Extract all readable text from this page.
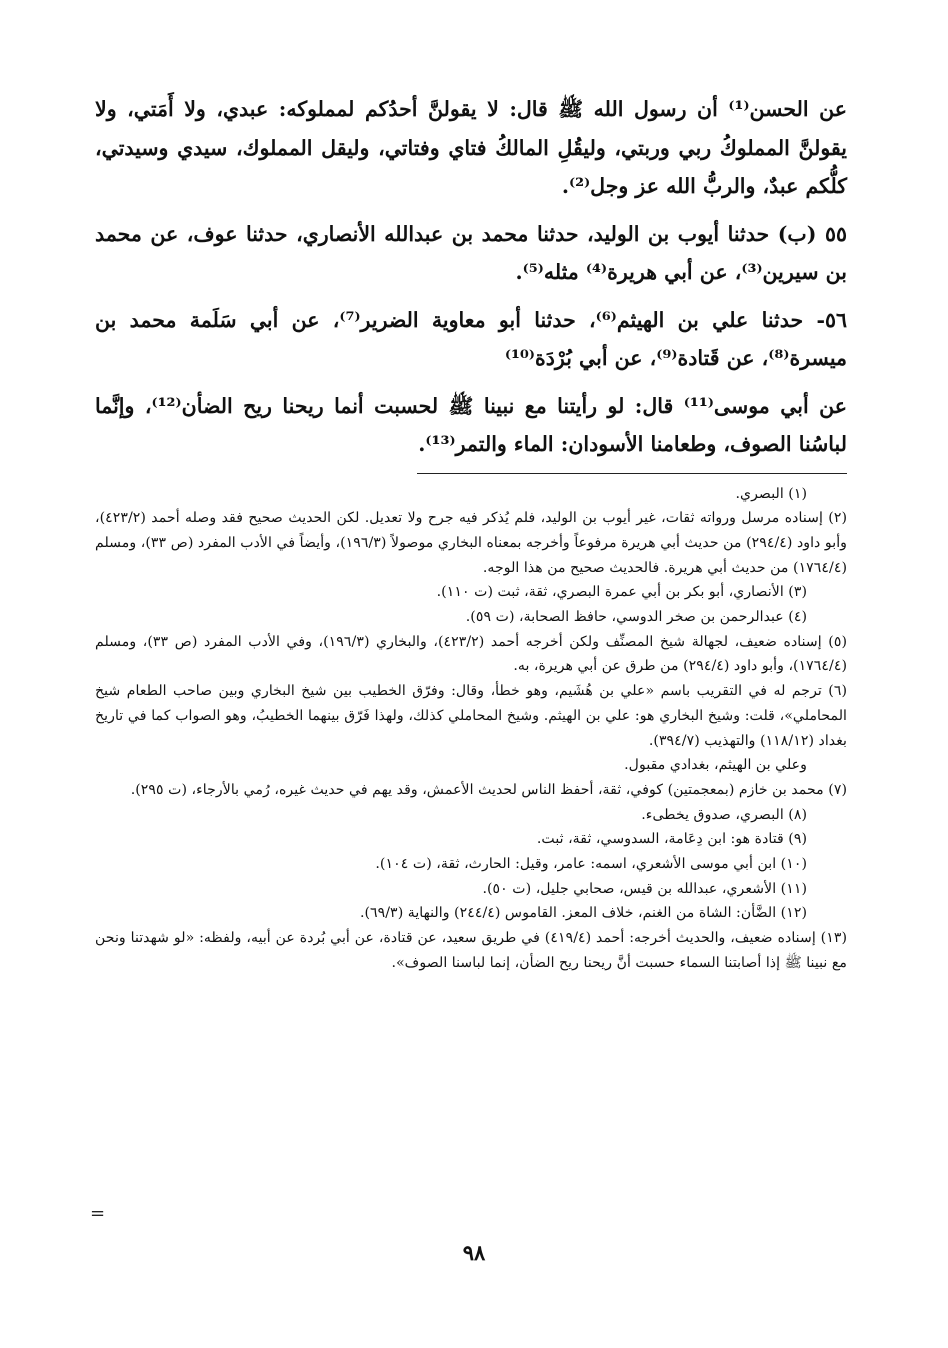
عن الحسن⁽¹⁾ أن رسول الله ﷺ قال: لا يقولنَّ أحدُكم لمملوكه: عبدي، ولا أَمَتي، ولا يقولنَّ المملوكُ ربي وربتي، وليقُلِ المالكُ فتاي وفتاتي، وليقل المملوك، سيدي وسيدتي، كلُّكم عبدٌ، والربُّ الله عز وجل⁽²⁾.

٥٥ (ب) حدثنا أيوب بن الوليد، حدثنا محمد بن عبدالله الأنصاري، حدثنا عوف، عن محمد بن سيرين⁽³⁾، عن أبي هريرة⁽⁴⁾ مثله⁽⁵⁾.

٥٦- حدثنا علي بن الهيثم⁽⁶⁾، حدثنا أبو معاوية الضرير⁽⁷⁾، عن أبي سَلَمة محمد بن ميسرة⁽⁸⁾، عن قَتادة⁽⁹⁾، عن أبي بُرْدَة⁽¹⁰⁾

عن أبي موسى⁽¹¹⁾ قال: لو رأيتنا مع نبينا ﷺ لحسبت أنما ريحنا ريح الضأن⁽¹²⁾، وإنَّما لباسُنا الصوف، وطعامنا الأسودان: الماء والتمر⁽¹³⁾.

(١) البصري.

(٢) إسناده مرسل ورواته ثقات، غير أيوب بن الوليد، فلم يُذكر فيه جرح ولا تعديل. لكن الحديث صحيح فقد وصله أحمد (٤٢٣/٢)، وأبو داود (٢٩٤/٤) من حديث أبي هريرة مرفوعاً وأخرجه بمعناه البخاري موصولاً (١٩٦/٣)، وأيضاً في الأدب المفرد (ص ٣٣)، ومسلم (١٧٦٤/٤) من حديث أبي هريرة. فالحديث صحيح من هذا الوجه.

(٣) الأنصاري، أبو بكر بن أبي عمرة البصري، ثقة، ثبت (ت ١١٠).

(٤) عبدالرحمن بن صخر الدوسي، حافظ الصحابة، (ت ٥٩).

(٥) إسناده ضعيف، لجهالة شيخ المصنِّف ولكن أخرجه أحمد (٤٢٣/٢)، والبخاري (١٩٦/٣)، وفي الأدب المفرد (ص ٣٣)، ومسلم (١٧٦٤/٤)، وأبو داود (٢٩٤/٤) من طرق عن أبي هريرة، به.

(٦) ترجم له في التقريب باسم «علي بن هُشَيم، وهو خطأ، وقال: وفرّق الخطيب بين شيخ البخاري وبين صاحب الطعام شيخ المحاملي»، قلت: وشيخ البخاري هو: علي بن الهيثم. وشيخ المحاملي كذلك، ولهذا فَرّق بينهما الخطيبُ، وهو الصواب كما في تاريخ بغداد (١١٨/١٢) والتهذيب (٣٩٤/٧).

وعلي بن الهيثم، بغدادي مقبول.

(٧) محمد بن خازم (بمعجمتين) كوفي، ثقة، أحفظ الناس لحديث الأعمش، وقد يهم في حديث غيره، رُمي بالأرجاء، (ت ٢٩٥).

(٨) البصري، صدوق يخطىء.

(٩) قتادة هو: ابن دِعَامة، السدوسي، ثقة، ثبت.

(١٠) ابن أبي موسى الأشعري، اسمه: عامر، وقيل: الحارث، ثقة، (ت ١٠٤).

(١١) الأشعري، عبدالله بن قيس، صحابي جليل، (ت ٥٠).

(١٢) الضَّأن: الشاة من الغنم، خلاف المعز. القاموس (٢٤٤/٤) والنهاية (٦٩/٣).

(١٣) إسناده ضعيف، والحديث أخرجه: أحمد (٤١٩/٤) في طريق سعيد، عن قتادة، عن أبي بُردة عن أبيه، ولفظه: «لو شهدتنا ونحن مع نبينا ﷺ إذا أصابتنا السماء حسبت أنَّ ريحنا ريح الضأن، إنما لباسنا الصوف».

=
٩٨
